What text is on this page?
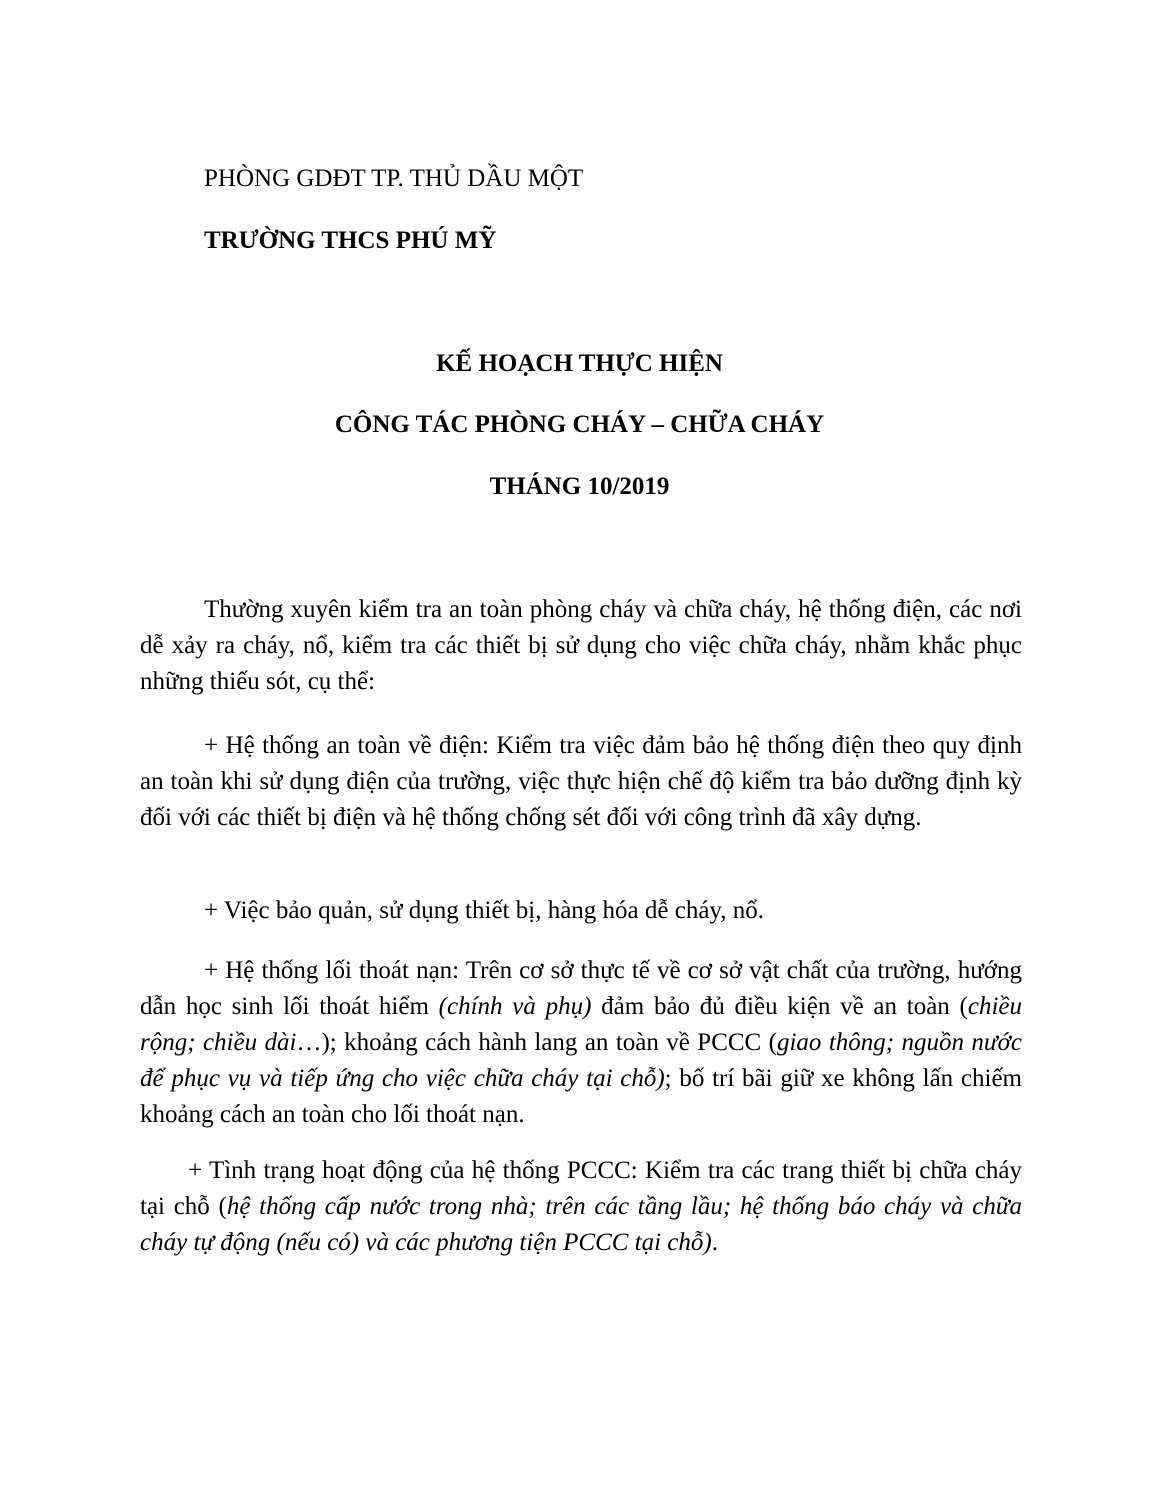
PHÒNG GDĐT TP. THỦ DẦU MỘT
TRƯỜNG THCS PHÚ MỸ
KẾ HOẠCH THỰC HIỆN
CÔNG TÁC PHÒNG CHÁY – CHỮA CHÁY
THÁNG 10/2019

Thường xuyên kiểm tra an toàn phòng cháy và chữa cháy, hệ thống điện, các nơi dễ xảy ra cháy, nổ, kiểm tra các thiết bị sử dụng cho việc chữa cháy, nhằm khắc phục những thiếu sót, cụ thể:

+ Hệ thống an toàn về điện: Kiểm tra việc đảm bảo hệ thống điện theo quy định an toàn khi sử dụng điện của trường, việc thực hiện chế độ kiểm tra bảo dưỡng định kỳ đối với các thiết bị điện và hệ thống chống sét đối với công trình đã xây dựng.

+ Việc bảo quản, sử dụng thiết bị, hàng hóa dễ cháy, nổ.

+ Hệ thống lối thoát nạn: Trên cơ sở thực tế về cơ sở vật chất của trường, hướng dẫn học sinh lối thoát hiểm (chính và phụ) đảm bảo đủ điều kiện về an toàn (chiều rộng; chiều dài…); khoảng cách hành lang an toàn về PCCC (giao thông; nguồn nước để phục vụ và tiếp ứng cho việc chữa cháy tại chỗ); bố trí bãi giữ xe không lấn chiếm khoảng cách an toàn cho lối thoát nạn.

+ Tình trạng hoạt động của hệ thống PCCC: Kiểm tra các trang thiết bị chữa cháy tại chỗ (hệ thống cấp nước trong nhà; trên các tầng lầu; hệ thống báo cháy và chữa cháy tự động (nếu có) và các phương tiện PCCC tại chỗ).
